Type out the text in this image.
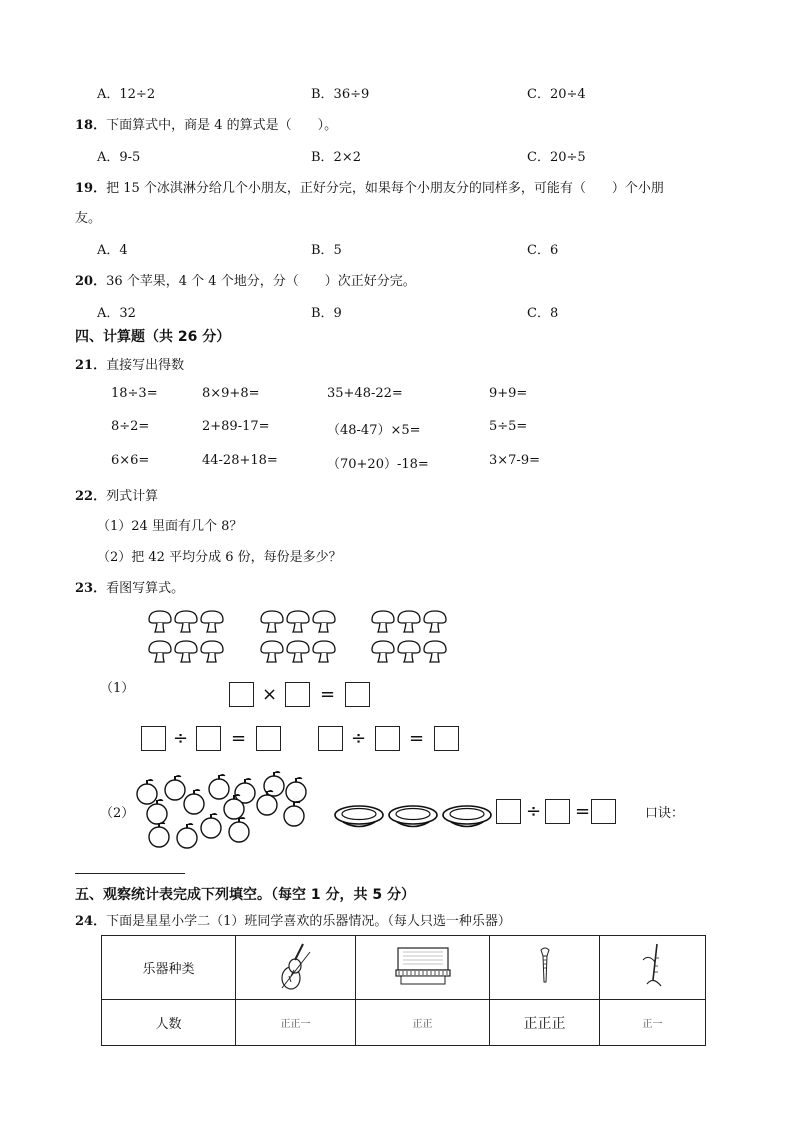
A．12÷2	B．36÷9	C．20÷4
18．下面算式中，商是 4 的算式是（　　）。
A．9-5	B．2×2	C．20÷5
19．把 15 个冰淇淋分给几个小朋友，正好分完，如果每个小朋友分的同样多，可能有（　　）个小朋
友。
A．4	B．5	C．6
20．36 个苹果，4 个 4 个地分，分（　　）次正好分完。
A．32	B．9	C．8
四、计算题（共 26 分）
21．直接写出得数
18÷3=	8×9+8=	35+48-22=	9+9=
8÷2=	2+89-17=	（48-47）×5=	5÷5=
6×6=	44-28+18=	（70+20）-18=	3×7-9=
22．列式计算
（1）24 里面有几个 8？
（2）把 42 平均分成 6 份，每份是多少？
23．看图写算式。
（1）	× =
÷ =	÷ =
（2）	÷ =	口诀：
五、观察统计表完成下列填空。（每空 1 分，共 5 分）
24．下面是星星小学二（1）班同学喜欢的乐器情况。（每人只选一种乐器）
乐器种类				
人数	正正一	正正	正正正	正一
